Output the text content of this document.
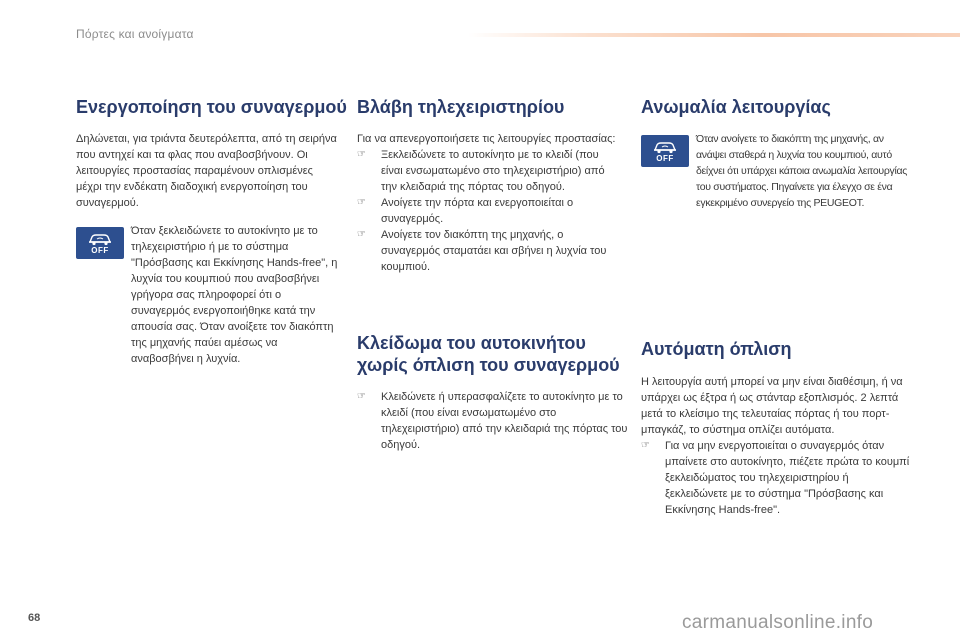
Πόρτες και ανοίγματα
Ενεργοποίηση του συναγερμού

Δηλώνεται, για τριάντα δευτερόλεπτα, από τη σειρήνα που αντηχεί και τα φλας που αναβοσβήνουν. Οι λειτουργίες προστασίας παραμένουν οπλισμένες μέχρι την ενδέκατη διαδοχική ενεργοποίηση του συναγερμού.

OFF
Όταν ξεκλειδώνετε το αυτοκίνητο με το τηλεχειριστήριο ή με το σύστημα "Πρόσβασης και Εκκίνησης Hands-free", η λυχνία του κουμπιού που αναβοσβήνει γρήγορα σας πληροφορεί ότι ο συναγερμός ενεργοποιήθηκε κατά την απουσία σας. Όταν ανοίξετε τον διακόπτη της μηχανής παύει αμέσως να αναβοσβήνει η λυχνία.
Βλάβη τηλεχειριστηρίου

Για να απενεργοποιήσετε τις λειτουργίες προστασίας:

☞ Ξεκλειδώνετε το αυτοκίνητο με το κλειδί (που είναι ενσωματωμένο στο τηλεχειριστήριο) από την κλειδαριά της πόρτας του οδηγού.
☞ Ανοίγετε την πόρτα και ενεργοποιείται ο συναγερμός.
☞ Ανοίγετε τον διακόπτη της μηχανής, ο συναγερμός σταματάει και σβήνει η λυχνία του κουμπιού.
Κλείδωμα του αυτοκινήτου χωρίς όπλιση του συναγερμού
☞ Κλειδώνετε ή υπερασφαλίζετε το αυτοκίνητο με το κλειδί (που είναι ενσωματωμένο στο τηλεχειριστήριο) από την κλειδαριά της πόρτας του οδηγού.
Ανωμαλία λειτουργίας
OFF
Όταν ανοίγετε το διακόπτη της μηχανής, αν ανάψει σταθερά η λυχνία του κουμπιού, αυτό δείχνει ότι υπάρχει κάποια ανωμαλία λειτουργίας του συστήματος. Πηγαίνετε για έλεγχο σε ένα εγκεκριμένο συνεργείο της PEUGEOT.
Αυτόματη όπλιση

Η λειτουργία αυτή μπορεί να μην είναι διαθέσιμη, ή να υπάρχει ως έξτρα ή ως στάνταρ εξοπλισμός. 2 λεπτά μετά το κλείσιμο της τελευταίας πόρτας ή του πορτ-μπαγκάζ, το σύστημα οπλίζει αυτόματα.

☞ Για να μην ενεργοποιείται ο συναγερμός όταν μπαίνετε στο αυτοκίνητο, πιέζετε πρώτα το κουμπί ξεκλειδώματος του τηλεχειριστηρίου ή ξεκλειδώνετε με το σύστημα "Πρόσβασης και Εκκίνησης Hands-free".
68	carmanualsonline.info
